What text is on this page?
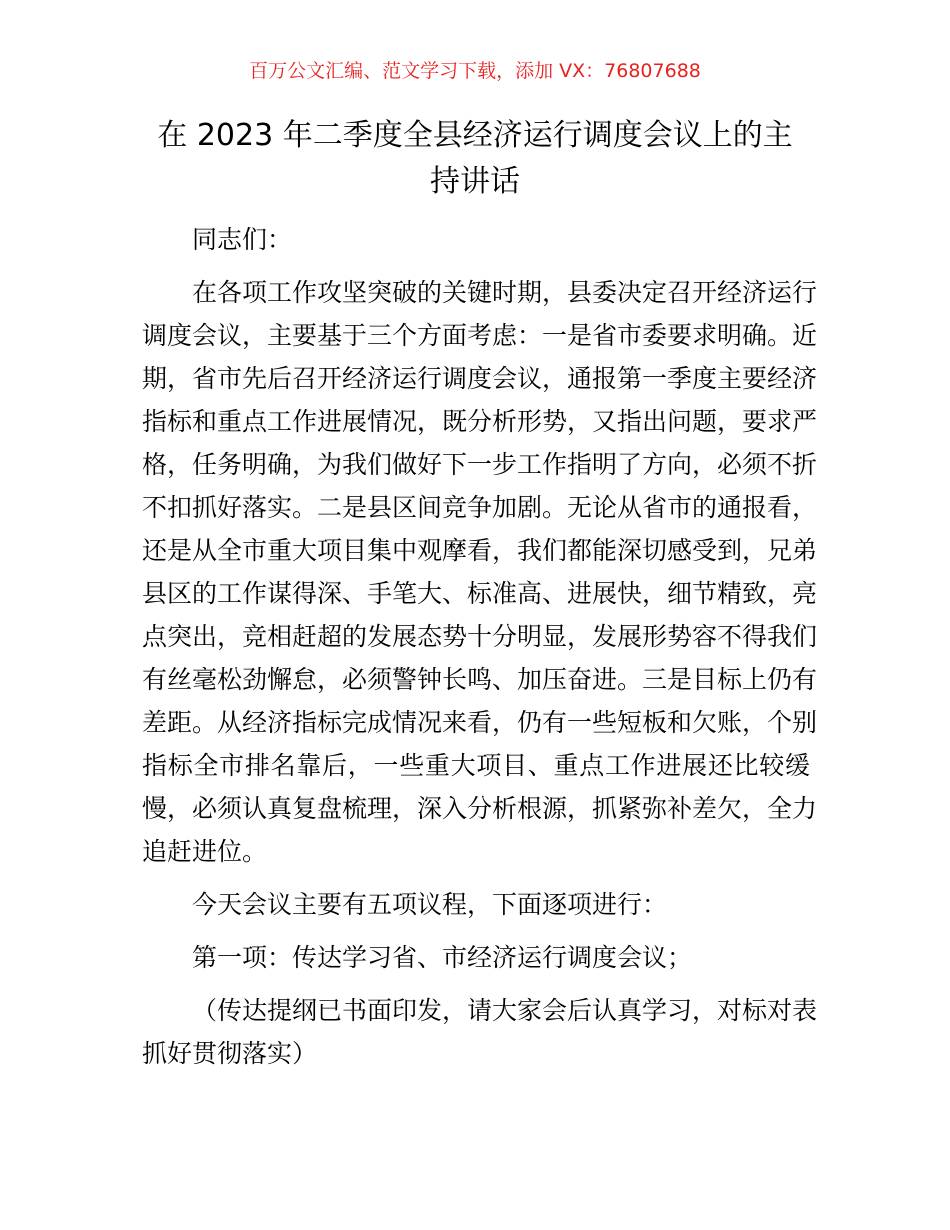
百万公文汇编、范文学习下载，添加 VX：76807688
在 2023 年二季度全县经济运行调度会议上的主
持讲话
同志们：
在各项工作攻坚突破的关键时期，县委决定召开经济运行
调度会议，主要基于三个方面考虑：一是省市委要求明确。近
期，省市先后召开经济运行调度会议，通报第一季度主要经济
指标和重点工作进展情况，既分析形势，又指出问题，要求严
格，任务明确，为我们做好下一步工作指明了方向，必须不折
不扣抓好落实。二是县区间竞争加剧。无论从省市的通报看，
还是从全市重大项目集中观摩看，我们都能深切感受到，兄弟
县区的工作谋得深、手笔大、标准高、进展快，细节精致，亮
点突出，竞相赶超的发展态势十分明显，发展形势容不得我们
有丝毫松劲懈怠，必须警钟长鸣、加压奋进。三是目标上仍有
差距。从经济指标完成情况来看，仍有一些短板和欠账，个别
指标全市排名靠后，一些重大项目、重点工作进展还比较缓
慢，必须认真复盘梳理，深入分析根源，抓紧弥补差欠，全力
追赶进位。
今天会议主要有五项议程，下面逐项进行：
第一项：传达学习省、市经济运行调度会议；
（传达提纲已书面印发，请大家会后认真学习，对标对表
抓好贯彻落实）
